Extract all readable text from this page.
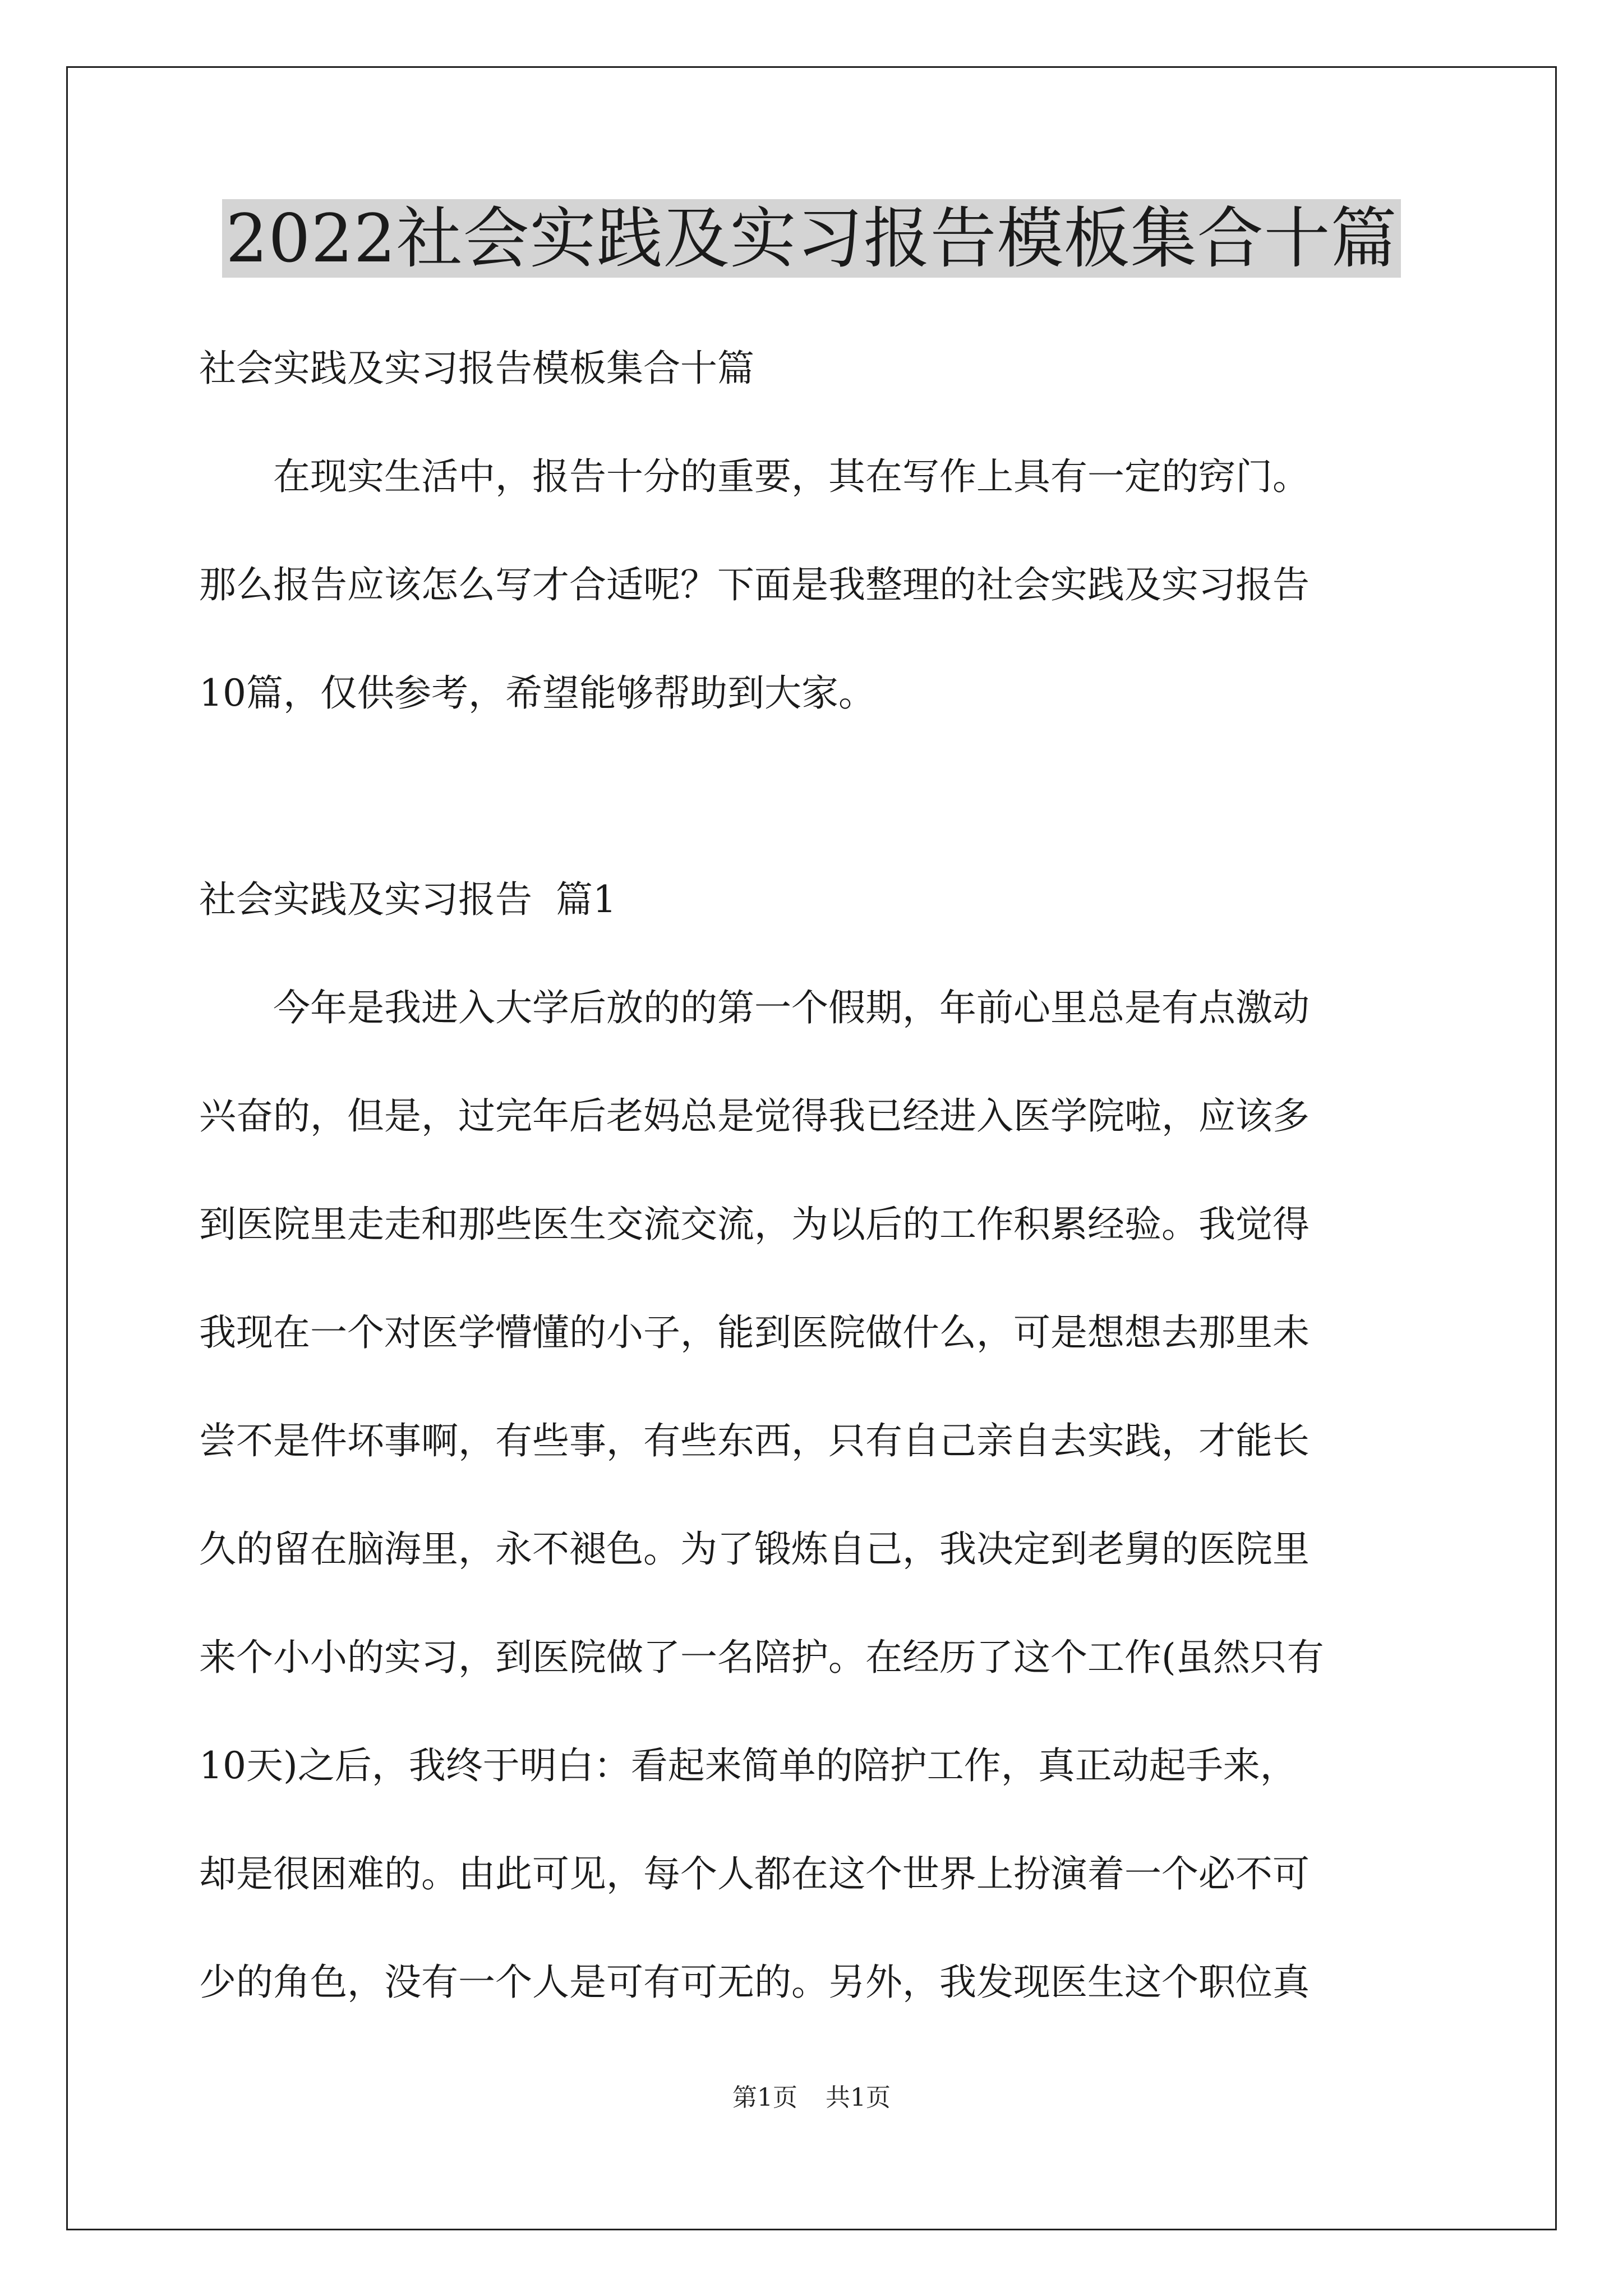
2022社会实践及实习报告模板集合十篇
社会实践及实习报告模板集合十篇
在现实生活中，报告十分的重要，其在写作上具有一定的窍门。
那么报告应该怎么写才合适呢？下面是我整理的社会实践及实习报告
10篇，仅供参考，希望能够帮助到大家。
社会实践及实习报告  篇1
今年是我进入大学后放的的第一个假期，年前心里总是有点激动
兴奋的，但是，过完年后老妈总是觉得我已经进入医学院啦，应该多
到医院里走走和那些医生交流交流，为以后的工作积累经验。我觉得
我现在一个对医学懵懂的小子，能到医院做什么，可是想想去那里未
尝不是件坏事啊，有些事，有些东西，只有自己亲自去实践，才能长
久的留在脑海里，永不褪色。为了锻炼自己，我决定到老舅的医院里
来个小小的实习，到医院做了一名陪护。在经历了这个工作(虽然只有
10天)之后，我终于明白：看起来简单的陪护工作，真正动起手来，
却是很困难的。由此可见，每个人都在这个世界上扮演着一个必不可
少的角色，没有一个人是可有可无的。另外，我发现医生这个职位真
第1页 共1页
